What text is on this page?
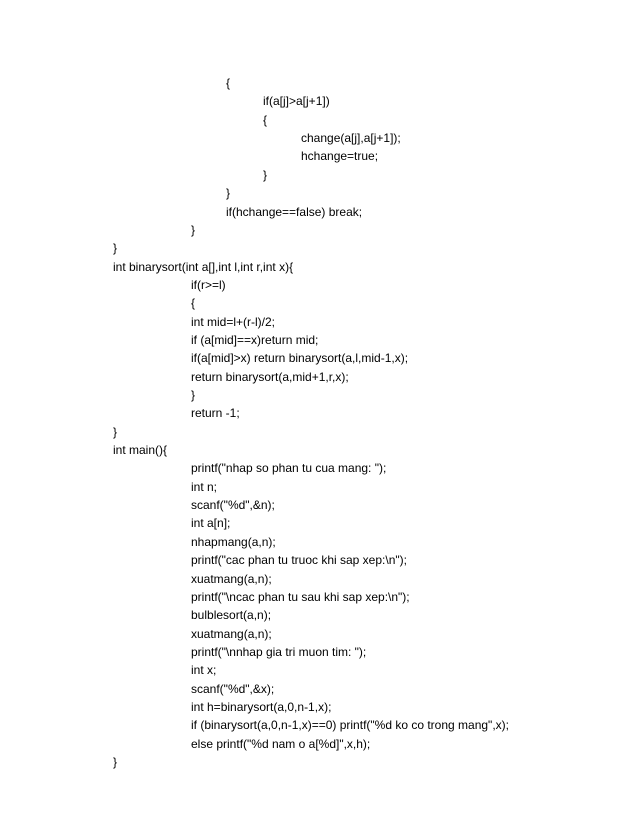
{
if(a[j]>a[j+1])
{
change(a[j],a[j+1]);
hchange=true;
}
}
if(hchange==false) break;
}
}
int binarysort(int a[],int l,int r,int x){
if(r>=l)
{
int mid=l+(r-l)/2;
if (a[mid]==x)return mid;
if(a[mid]>x) return binarysort(a,l,mid-1,x);
return binarysort(a,mid+1,r,x);
}
return -1;
}
int main(){
printf("nhap so phan tu cua mang: ");
int n;
scanf("%d",&n);
int a[n];
nhapmang(a,n);
printf("cac phan tu truoc khi sap xep:\n");
xuatmang(a,n);
printf("\ncac phan tu sau khi sap xep:\n");
bulblesort(a,n);
xuatmang(a,n);
printf("\nnhap gia tri muon tim: ");
int x;
scanf("%d",&x);
int h=binarysort(a,0,n-1,x);
if (binarysort(a,0,n-1,x)==0) printf("%d ko co trong mang",x);
else printf("%d nam o a[%d]",x,h);
}
